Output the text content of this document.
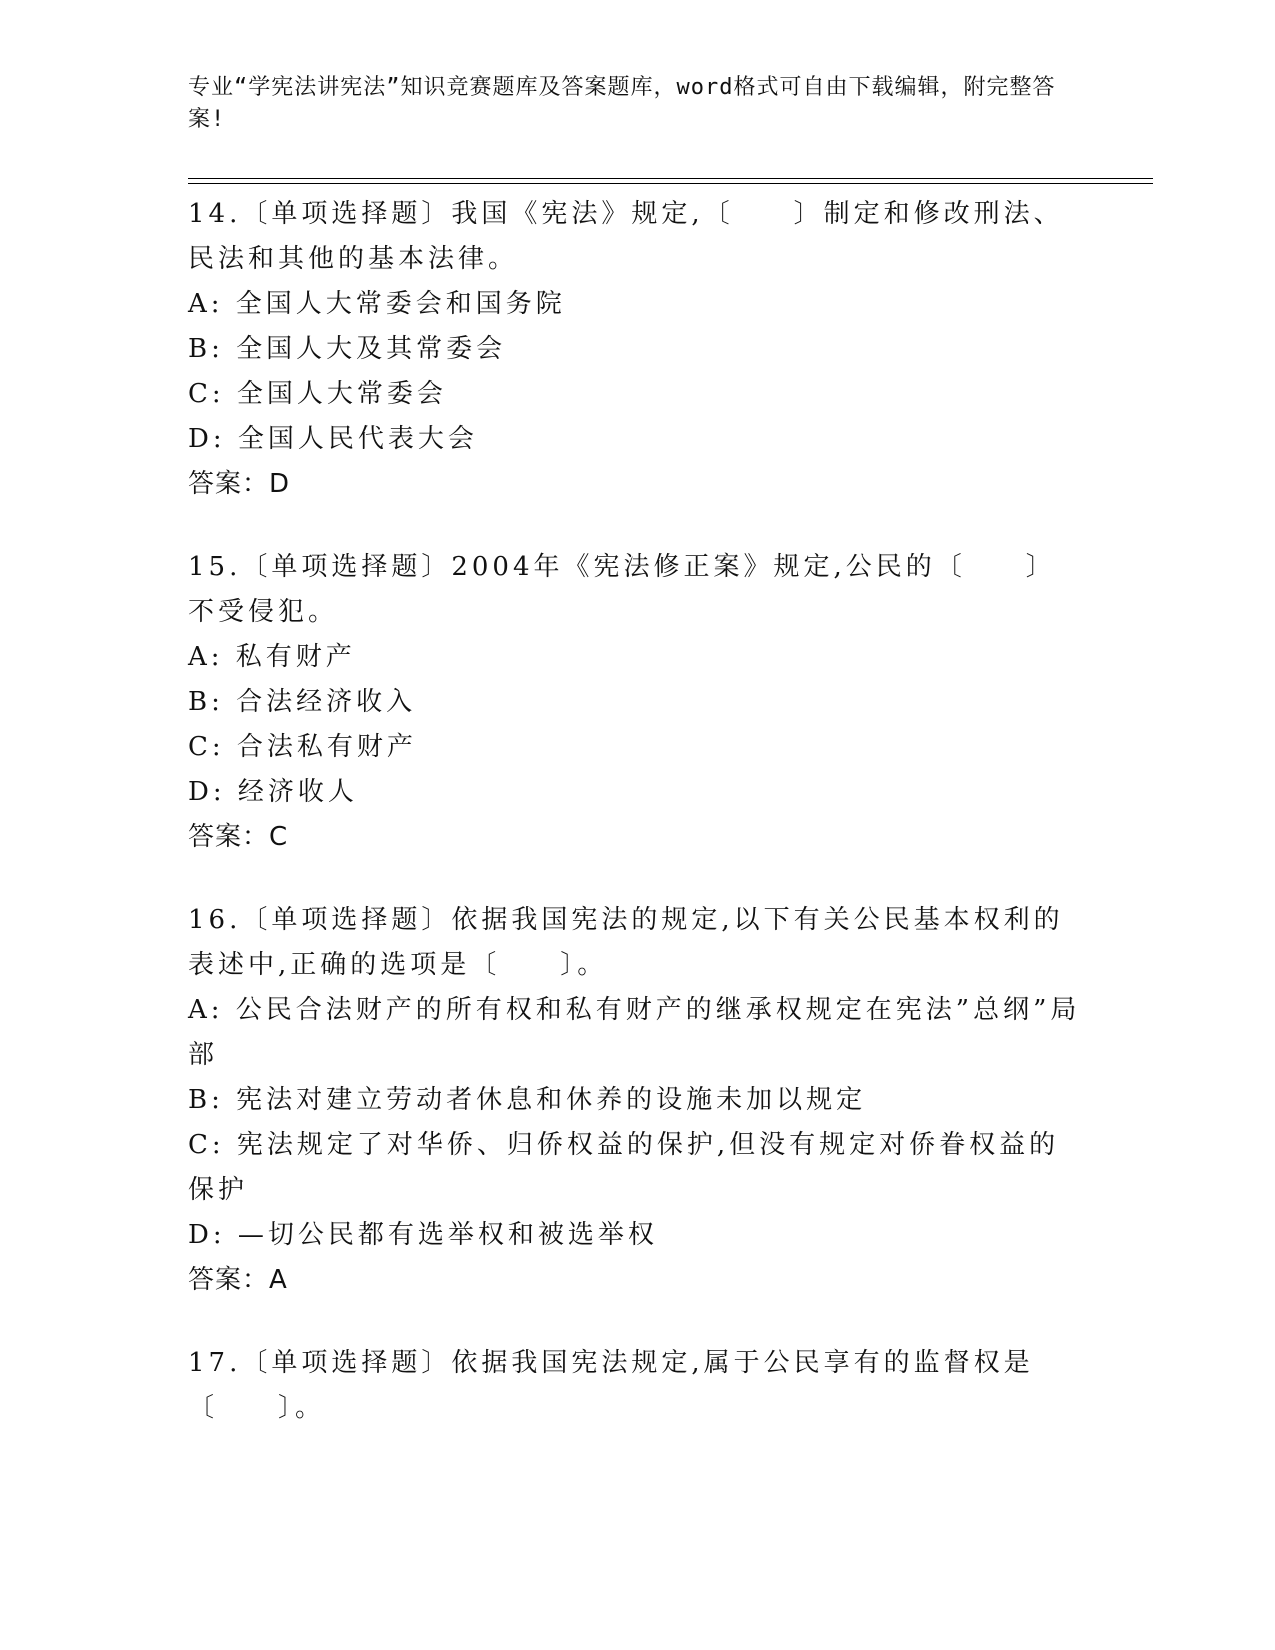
专业“学宪法讲宪法”知识竞赛题库及答案题库，word格式可自由下载编辑，附完整答案!
14.〔单项选择题〕我国《宪法》规定,〔　　〕制定和修改刑法、民法和其他的基本法律。
A: 全国人大常委会和国务院
B: 全国人大及其常委会
C: 全国人大常委会
D: 全国人民代表大会
答案：D
15.〔单项选择题〕2004年《宪法修正案》规定,公民的〔　　〕不受侵犯。
A: 私有财产
B: 合法经济收入
C: 合法私有财产
D: 经济收人
答案：C
16.〔单项选择题〕依据我国宪法的规定,以下有关公民基本权利的表述中,正确的选项是〔　　〕。
A: 公民合法财产的所有权和私有财产的继承权规定在宪法”总纲”局部
B: 宪法对建立劳动者休息和休养的设施未加以规定
C: 宪法规定了对华侨、归侨权益的保护,但没有规定对侨眷权益的保护
D: —切公民都有选举权和被选举权
答案：A
17.〔单项选择题〕依据我国宪法规定,属于公民享有的监督权是〔　　〕。
